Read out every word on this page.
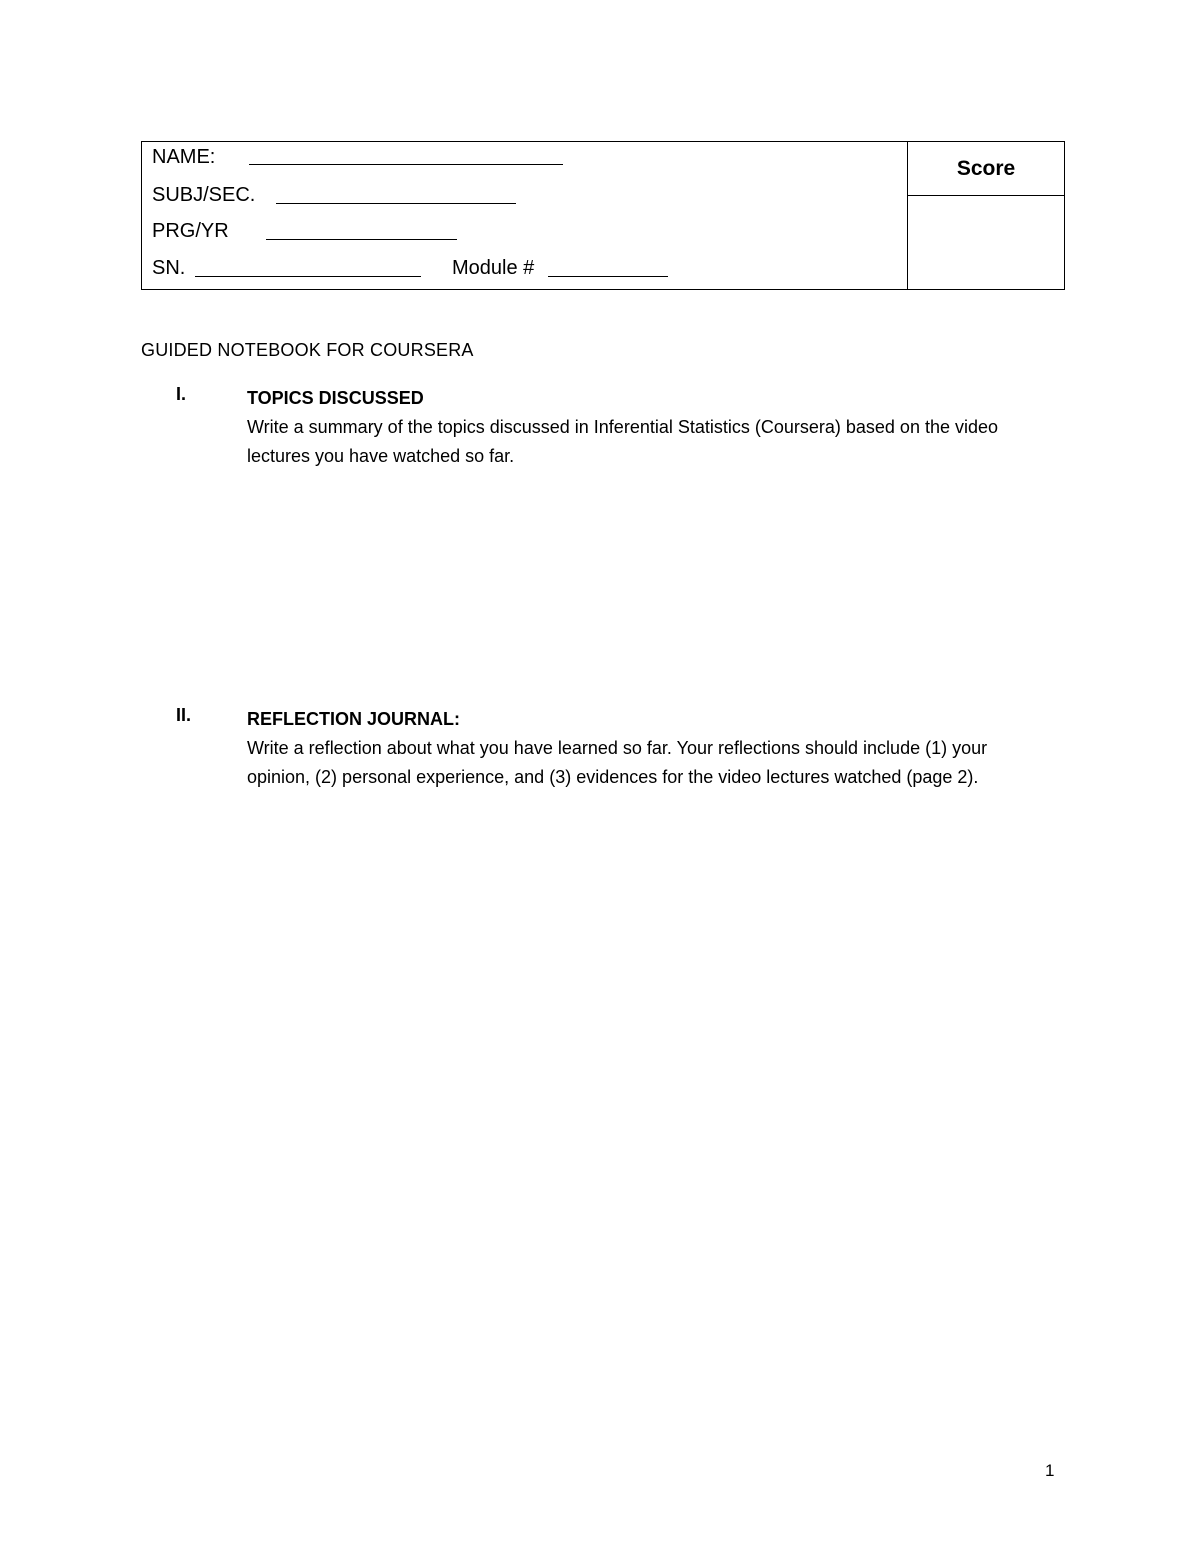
NAME:
SUBJ/SEC.
PRG/YR
SN.	Module #
Score
GUIDED NOTEBOOK FOR COURSERA
I.	TOPICS DISCUSSED
Write a summary of the topics discussed in Inferential Statistics (Coursera) based on the video lectures you have watched so far.
II.	REFLECTION JOURNAL:
Write a reflection about what you have learned so far. Your reflections should include (1) your opinion, (2) personal experience, and (3) evidences for the video lectures watched (page 2).
1
